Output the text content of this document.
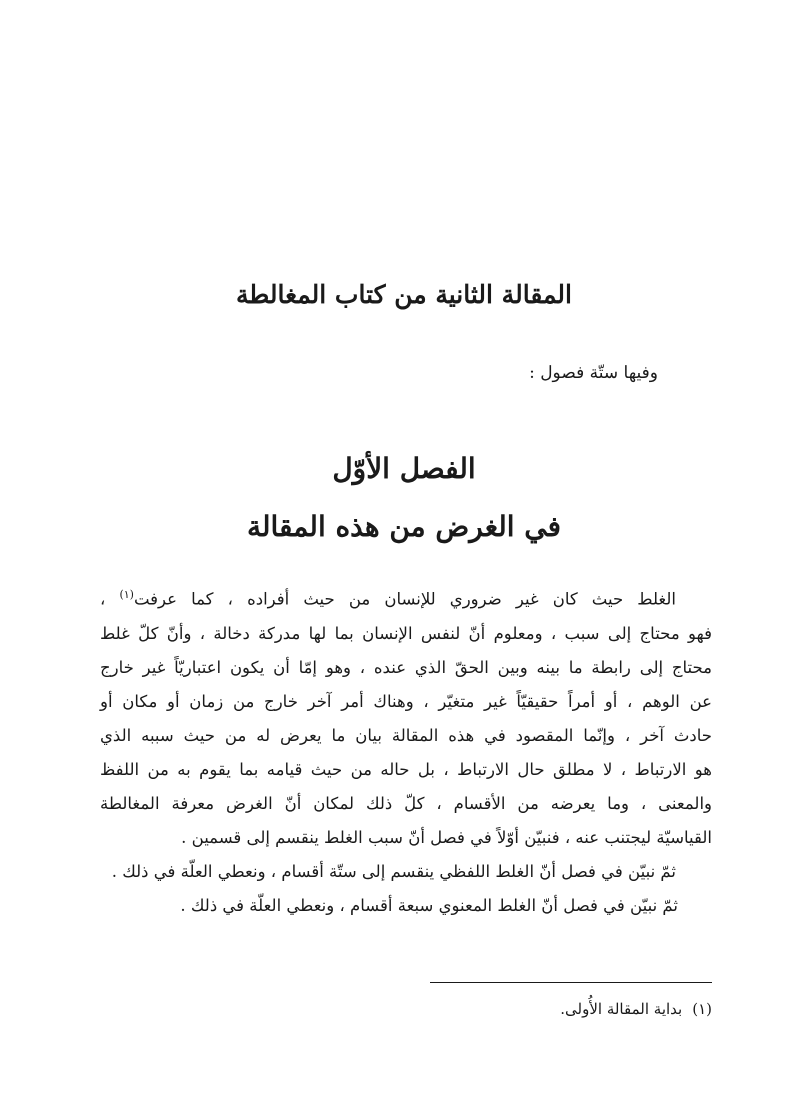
المقالة الثانية من كتاب المغالطة

وفيها ستّة فصول :

الفصل الأوّل
في الغرض من هذه المقالة
الغلط حيث كان غير ضروري للإنسان من حيث أفراده ، كما عرفت$^{(١)}$ ،
فهو محتاج إلى سبب ، ومعلوم أنّ لنفس الإنسان بما لها مدركة دخالة ، وأنّ كلّ غلط
محتاج إلى رابطة ما بينه وبين الحقّ الذي عنده ، وهو إمّا أن يكون اعتباريّاً غير خارج
عن الوهم ، أو أمراً حقيقيّاً غير متغيّر ، وهناك أمر آخر خارج من زمان أو مكان أو
حادث آخر ، وإنّما المقصود في هذه المقالة بيان ما يعرض له من حيث سببه الذي
هو الارتباط ، لا مطلق حال الارتباط ، بل حاله من حيث قيامه بما يقوم به من اللفظ
والمعنى ، وما يعرضه من الأقسام ، كلّ ذلك لمكان أنّ الغرض معرفة المغالطة
القياسيّة ليجتنب عنه ، فنبيّن أوّلاً في فصل أنّ سبب الغلط ينقسم إلى قسمين .
ثمّ نبيّن في فصل أنّ الغلط اللفظي ينقسم إلى ستّة أقسام ، ونعطي العلّة في ذلك .
ثمّ نبيّن في فصل أنّ الغلط المعنوي سبعة أقسام ، ونعطي العلّة في ذلك .

(١)بداية المقالة الأُولى.
